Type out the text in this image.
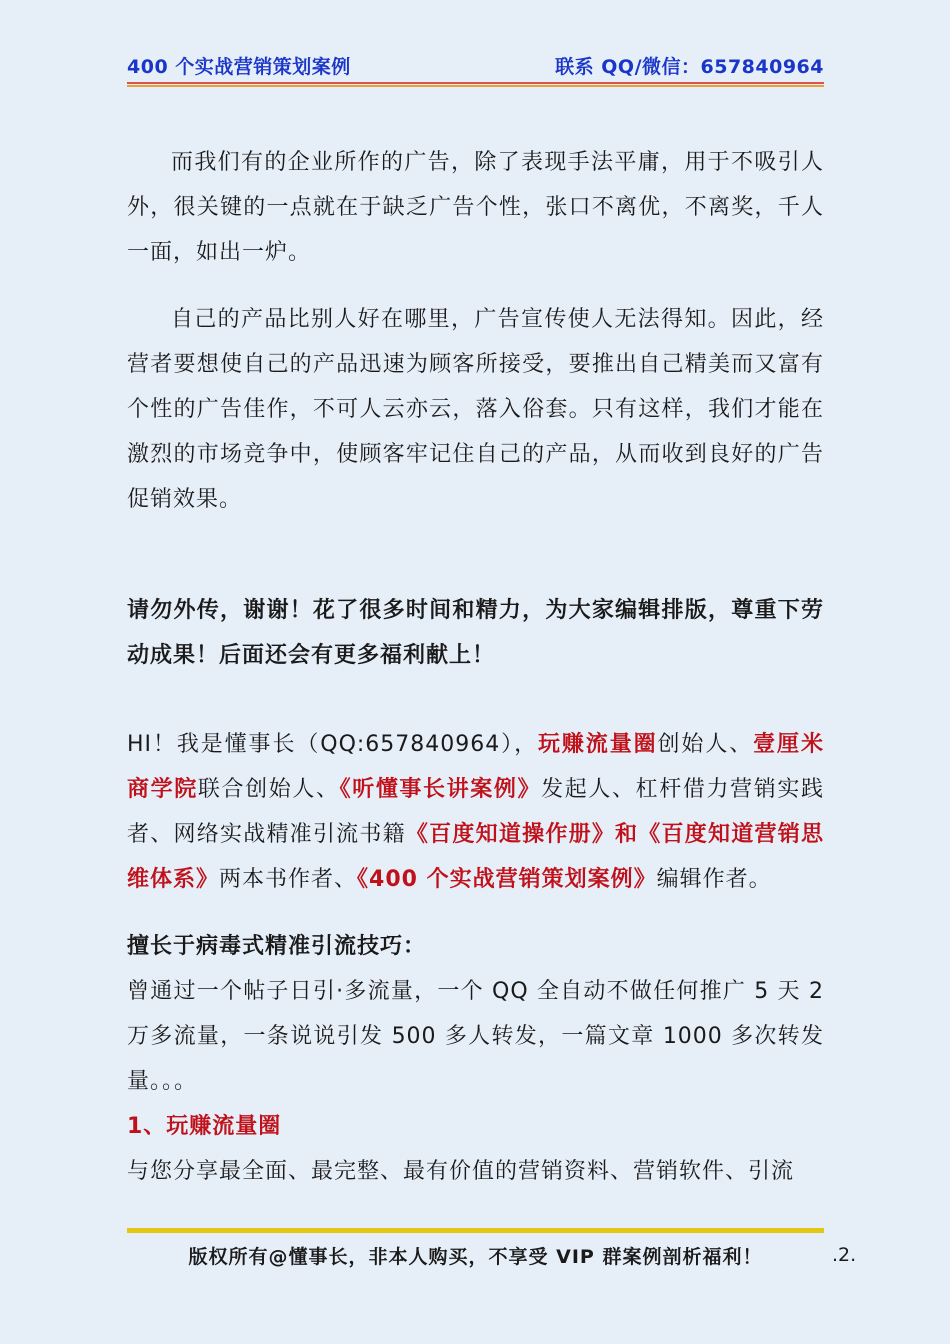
400 个实战营销策划案例	联系 QQ/微信：657840964

而我们有的企业所作的广告，除了表现手法平庸，用于不吸引人外，很关键的一点就在于缺乏广告个性，张口不离优，不离奖，千人一面，如出一炉。

自己的产品比别人好在哪里，广告宣传使人无法得知。因此，经营者要想使自己的产品迅速为顾客所接受，要推出自己精美而又富有个性的广告佳作，不可人云亦云，落入俗套。只有这样，我们才能在激烈的市场竞争中，使顾客牢记住自己的产品，从而收到良好的广告促销效果。

请勿外传，谢谢！花了很多时间和精力，为大家编辑排版，尊重下劳动成果！后面还会有更多福利献上！

HI！我是懂事长（QQ:657840964），玩赚流量圈创始人、壹厘米商学院联合创始人、《听懂事长讲案例》发起人、杠杆借力营销实践者、网络实战精准引流书籍《百度知道操作册》和《百度知道营销思维体系》两本书作者、《400 个实战营销策划案例》编辑作者。

擅长于病毒式精准引流技巧：

曾通过一个帖子日引·多流量，一个 QQ 全自动不做任何推广 5 天 2 万多流量，一条说说引发 500 多人转发，一篇文章 1000 多次转发量。。。

1、玩赚流量圈

与您分享最全面、最完整、最有价值的营销资料、营销软件、引流

版权所有@懂事长，非本人购买，不享受 VIP 群案例剖析福利！	.2.
